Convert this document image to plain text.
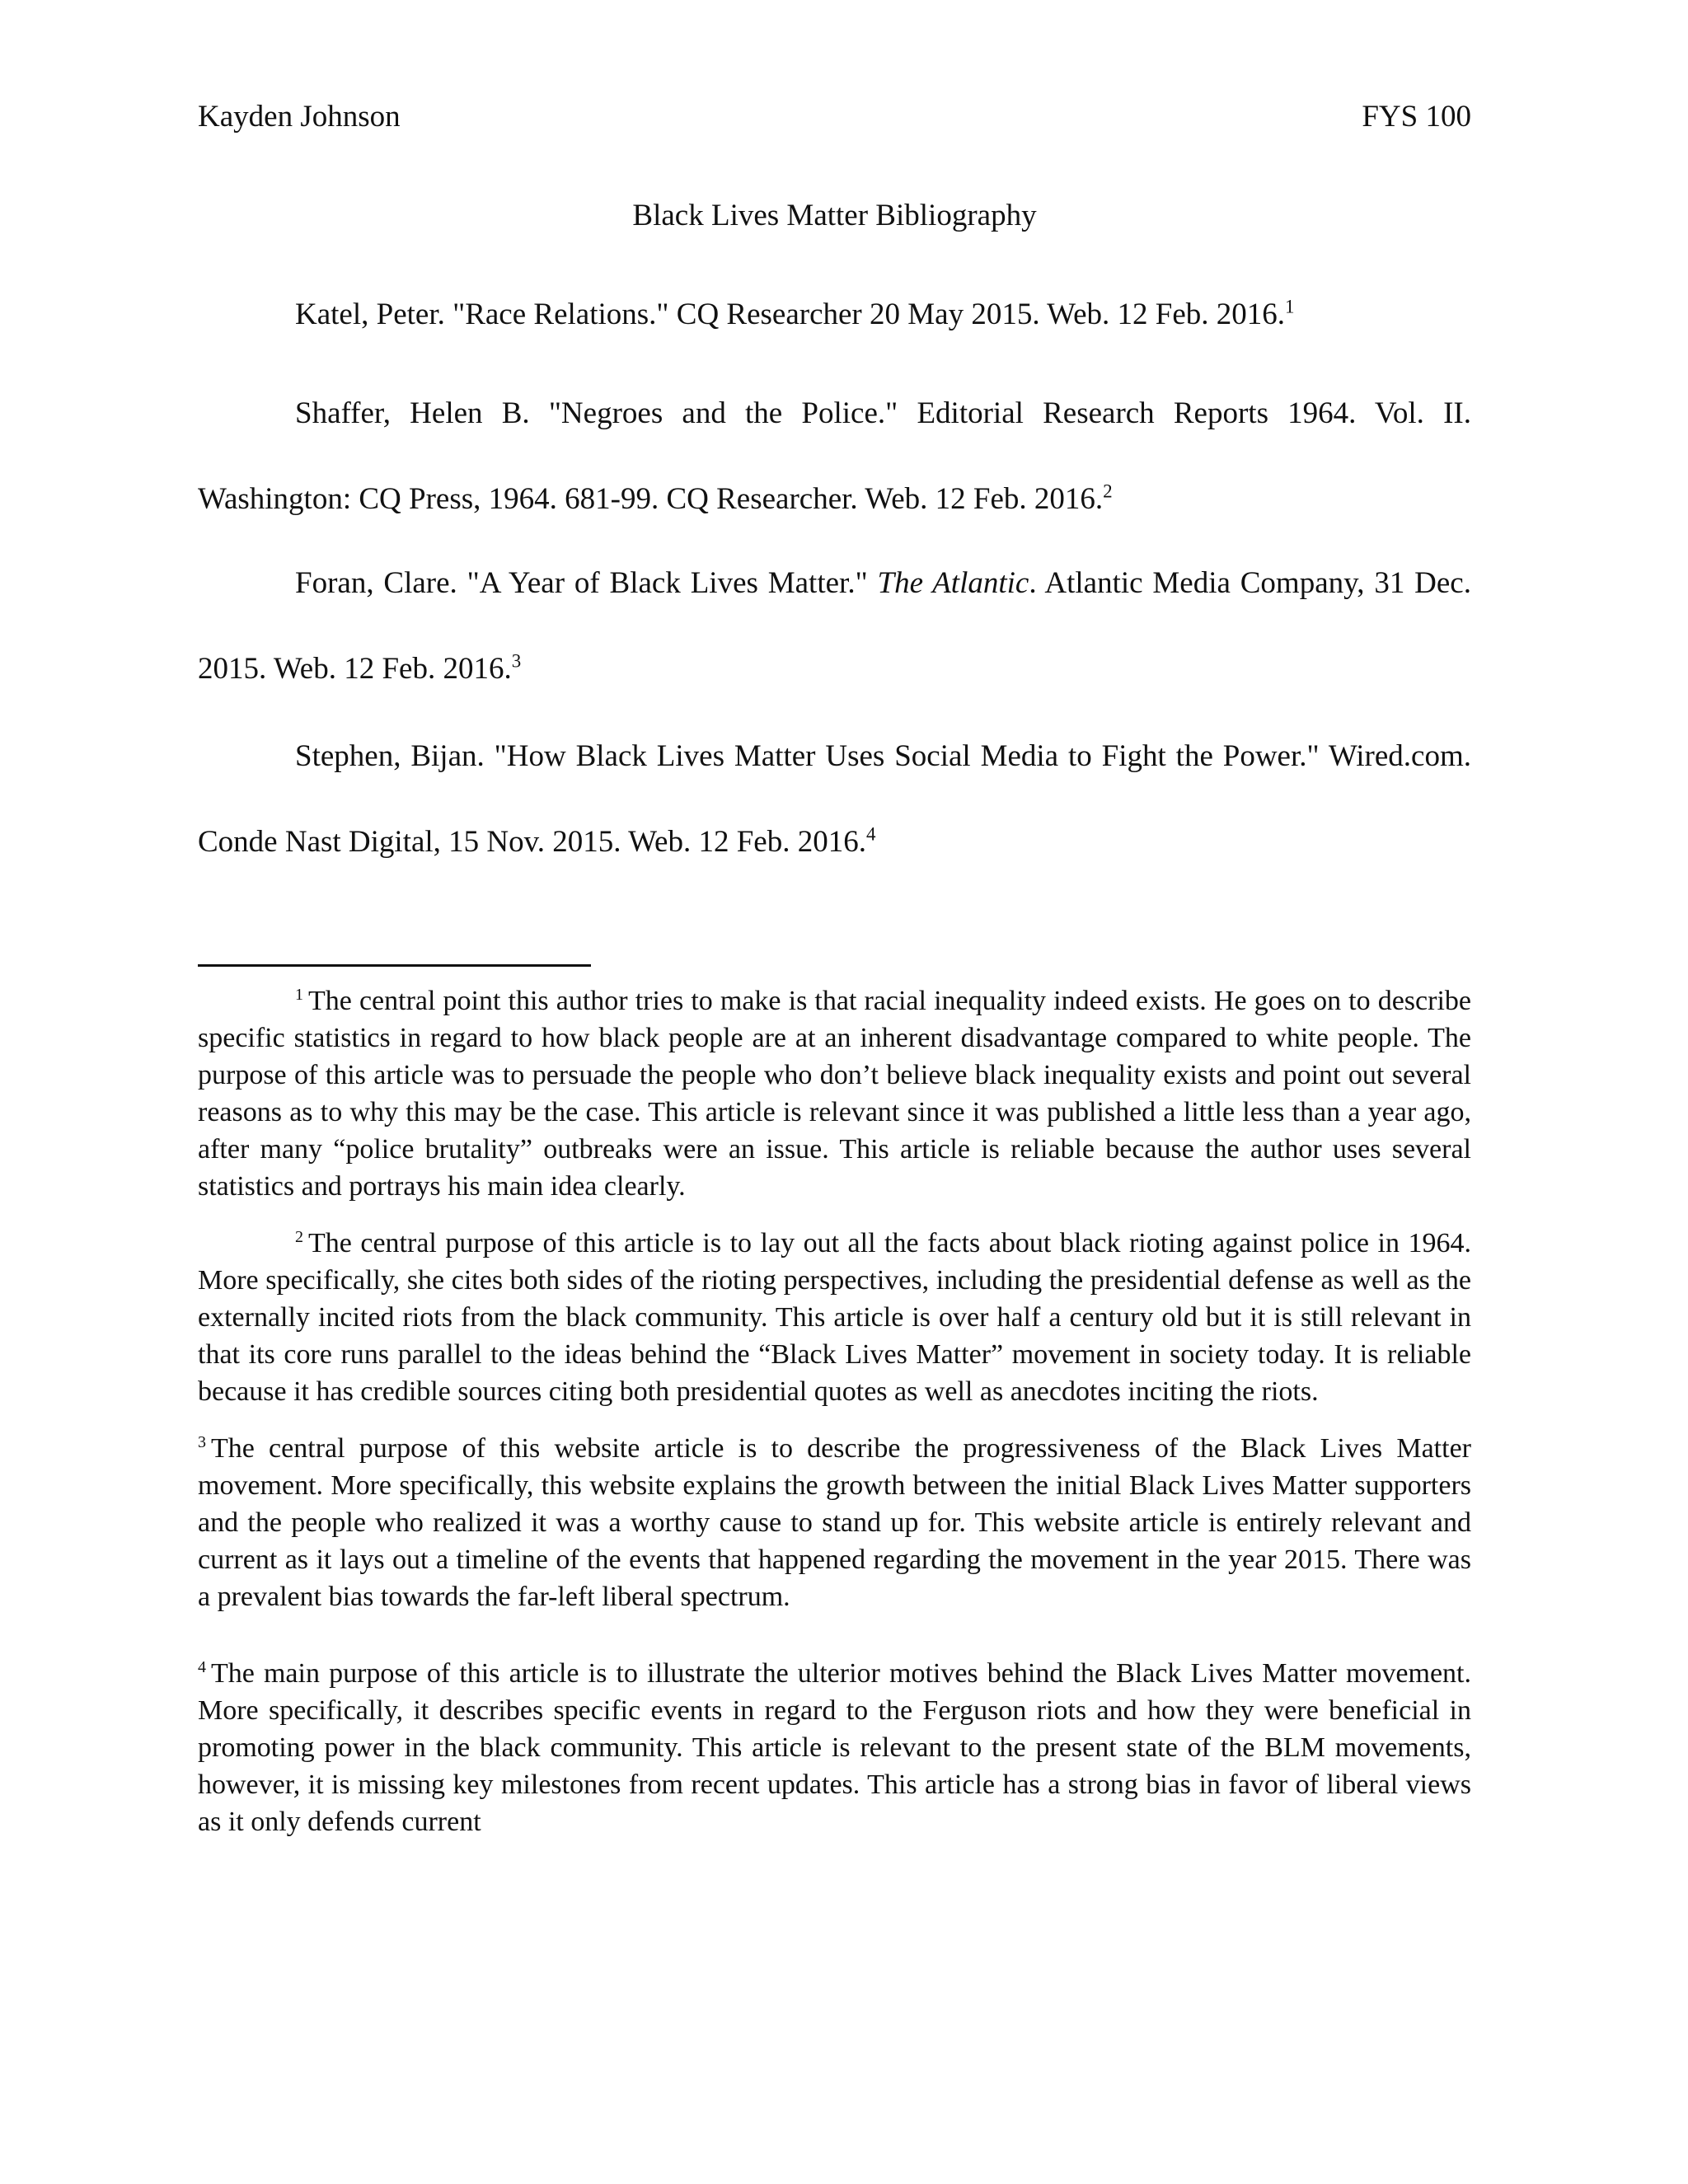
Kayden Johnson	FYS 100
Black Lives Matter Bibliography

Katel, Peter. "Race Relations." CQ Researcher 20 May 2015. Web. 12 Feb. 2016.$^1$

Shaffer, Helen B. "Negroes and the Police." Editorial Research Reports 1964. Vol. II. Washington: CQ Press, 1964. 681-99. CQ Researcher. Web. 12 Feb. 2016.$^2$

Foran, Clare. "A Year of Black Lives Matter." The Atlantic. Atlantic Media Company, 31 Dec. 2015. Web. 12 Feb. 2016.$^3$

Stephen, Bijan. "How Black Lives Matter Uses Social Media to Fight the Power." Wired.com. Conde Nast Digital, 15 Nov. 2015. Web. 12 Feb. 2016.$^4$

$^1$ The central point this author tries to make is that racial inequality indeed exists. He goes on to describe specific statistics in regard to how black people are at an inherent disadvantage compared to white people. The purpose of this article was to persuade the people who don’t believe black inequality exists and point out several reasons as to why this may be the case. This article is relevant since it was published a little less than a year ago, after many “police brutality” outbreaks were an issue. This article is reliable because the author uses several statistics and portrays his main idea clearly.

$^2$ The central purpose of this article is to lay out all the facts about black rioting against police in 1964. More specifically, she cites both sides of the rioting perspectives, including the presidential defense as well as the externally incited riots from the black community. This article is over half a century old but it is still relevant in that its core runs parallel to the ideas behind the “Black Lives Matter” movement in society today. It is reliable because it has credible sources citing both presidential quotes as well as anecdotes inciting the riots.

$^3$ The central purpose of this website article is to describe the progressiveness of the Black Lives Matter movement. More specifically, this website explains the growth between the initial Black Lives Matter supporters and the people who realized it was a worthy cause to stand up for. This website article is entirely relevant and current as it lays out a timeline of the events that happened regarding the movement in the year 2015. There was a prevalent bias towards the far-left liberal spectrum.

$^4$ The main purpose of this article is to illustrate the ulterior motives behind the Black Lives Matter movement. More specifically, it describes specific events in regard to the Ferguson riots and how they were beneficial in promoting power in the black community. This article is relevant to the present state of the BLM movements, however, it is missing key milestones from recent updates. This article has a strong bias in favor of liberal views as it only defends current
